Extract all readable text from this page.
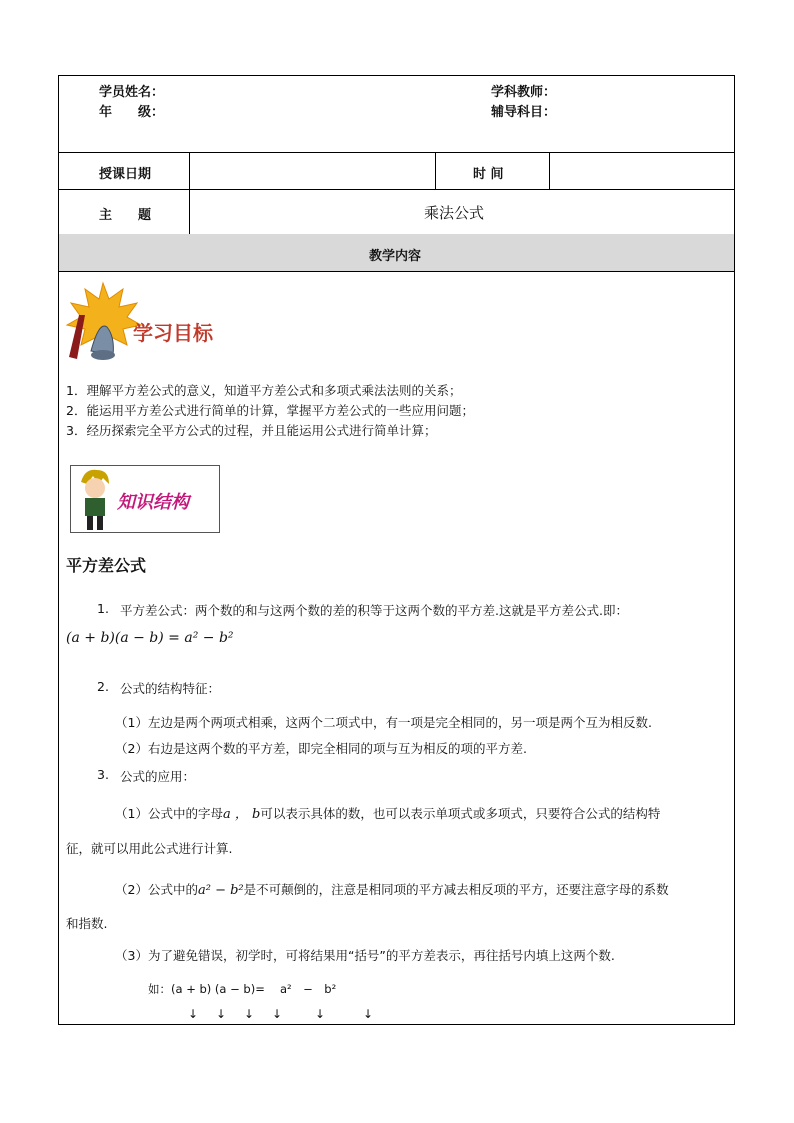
学员姓名：
年　　级：
学科教师：
辅导科目：
授课日期	时 间
主　　题	乘法公式
教学内容
学习目标
1．理解平方差公式的意义，知道平方差公式和多项式乘法法则的关系；
2．能运用平方差公式进行简单的计算，掌握平方差公式的一些应用问题；
3．经历探索完全平方公式的过程，并且能运用公式进行简单计算；
知识结构
平方差公式
1. 平方差公式：两个数的和与这两个数的差的积等于这两个数的平方差.这就是平方差公式.即：
(a + b)(a − b) = a² − b²
2. 公式的结构特征：
（1）左边是两个两项式相乘，这两个二项式中，有一项是完全相同的，另一项是两个互为相反数.
（2）右边是这两个数的平方差，即完全相同的项与互为相反的项的平方差.
3. 公式的应用：
（1）公式中的字母a ， b可以表示具体的数，也可以表示单项式或多项式，只要符合公式的结构特
征，就可以用此公式进行计算.
（2）公式中的a² − b²是不可颠倒的，注意是相同项的平方减去相反项的平方，还要注意字母的系数
和指数.
（3）为了避免错误，初学时，可将结果用“括号”的平方差表示，再往括号内填上这两个数.
如：(a + b) (a − b)=　 a²　−　b²
↓ ↓ ↓ ↓	↓	↓
